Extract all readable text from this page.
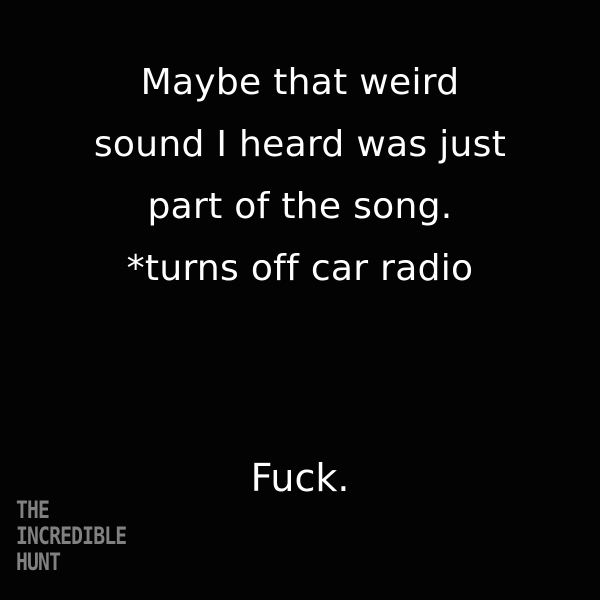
Maybe that weird
sound I heard was just
part of the song.
*turns off car radio
Fuck.
THE
INCREDIBLE
HUNT
